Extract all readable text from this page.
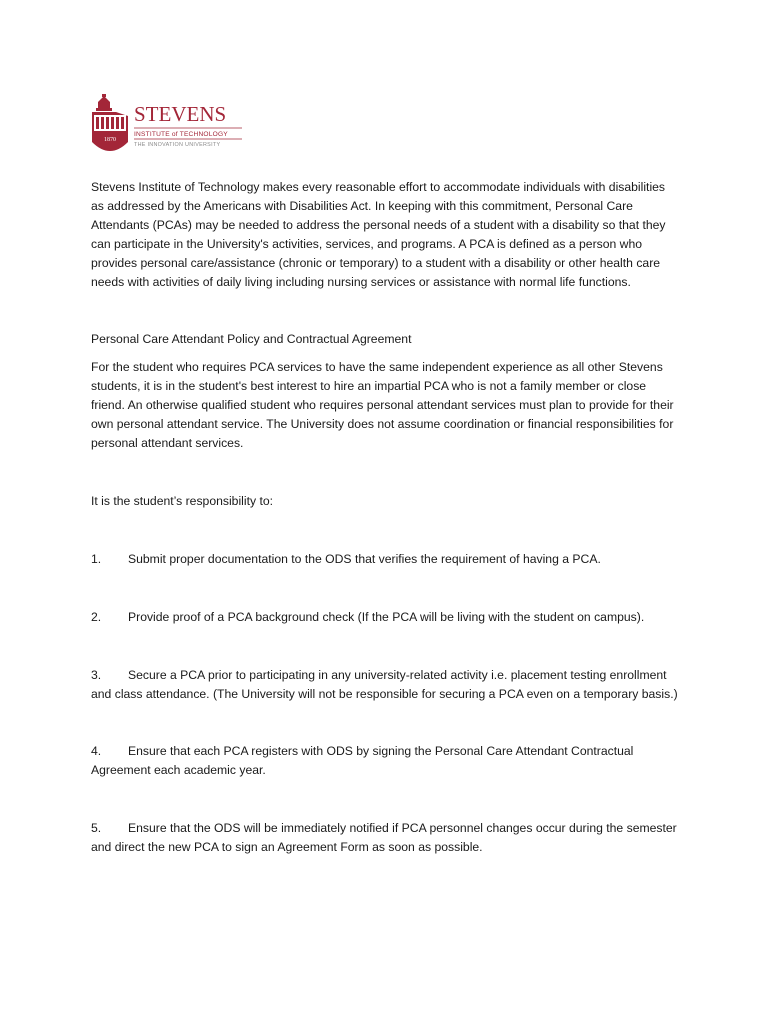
1870
STEVENS
INSTITUTE of TECHNOLOGY
THE INNOVATION UNIVERSITY

Stevens Institute of Technology makes every reasonable effort to accommodate individuals with disabilities as addressed by the Americans with Disabilities Act. In keeping with this commitment, Personal Care Attendants (PCAs) may be needed to address the personal needs of a student with a disability so that they can participate in the University's activities, services, and programs. A PCA is defined as a person who provides personal care/assistance (chronic or temporary) to a student with a disability or other health care needs with activities of daily living including nursing services or assistance with normal life functions.

Personal Care Attendant Policy and Contractual Agreement

For the student who requires PCA services to have the same independent experience as all other Stevens students, it is in the student's best interest to hire an impartial PCA who is not a family member or close friend. An otherwise qualified student who requires personal attendant services must plan to provide for their own personal attendant service. The University does not assume coordination or financial responsibilities for personal attendant services.

It is the student’s responsibility to:

1. Submit proper documentation to the ODS that verifies the requirement of having a PCA.

2. Provide proof of a PCA background check (If the PCA will be living with the student on campus).

3. Secure a PCA prior to participating in any university-related activity i.e. placement testing enrollment and class attendance. (The University will not be responsible for securing a PCA even on a temporary basis.)

4. Ensure that each PCA registers with ODS by signing the Personal Care Attendant Contractual Agreement each academic year.

5. Ensure that the ODS will be immediately notified if PCA personnel changes occur during the semester and direct the new PCA to sign an Agreement Form as soon as possible.
